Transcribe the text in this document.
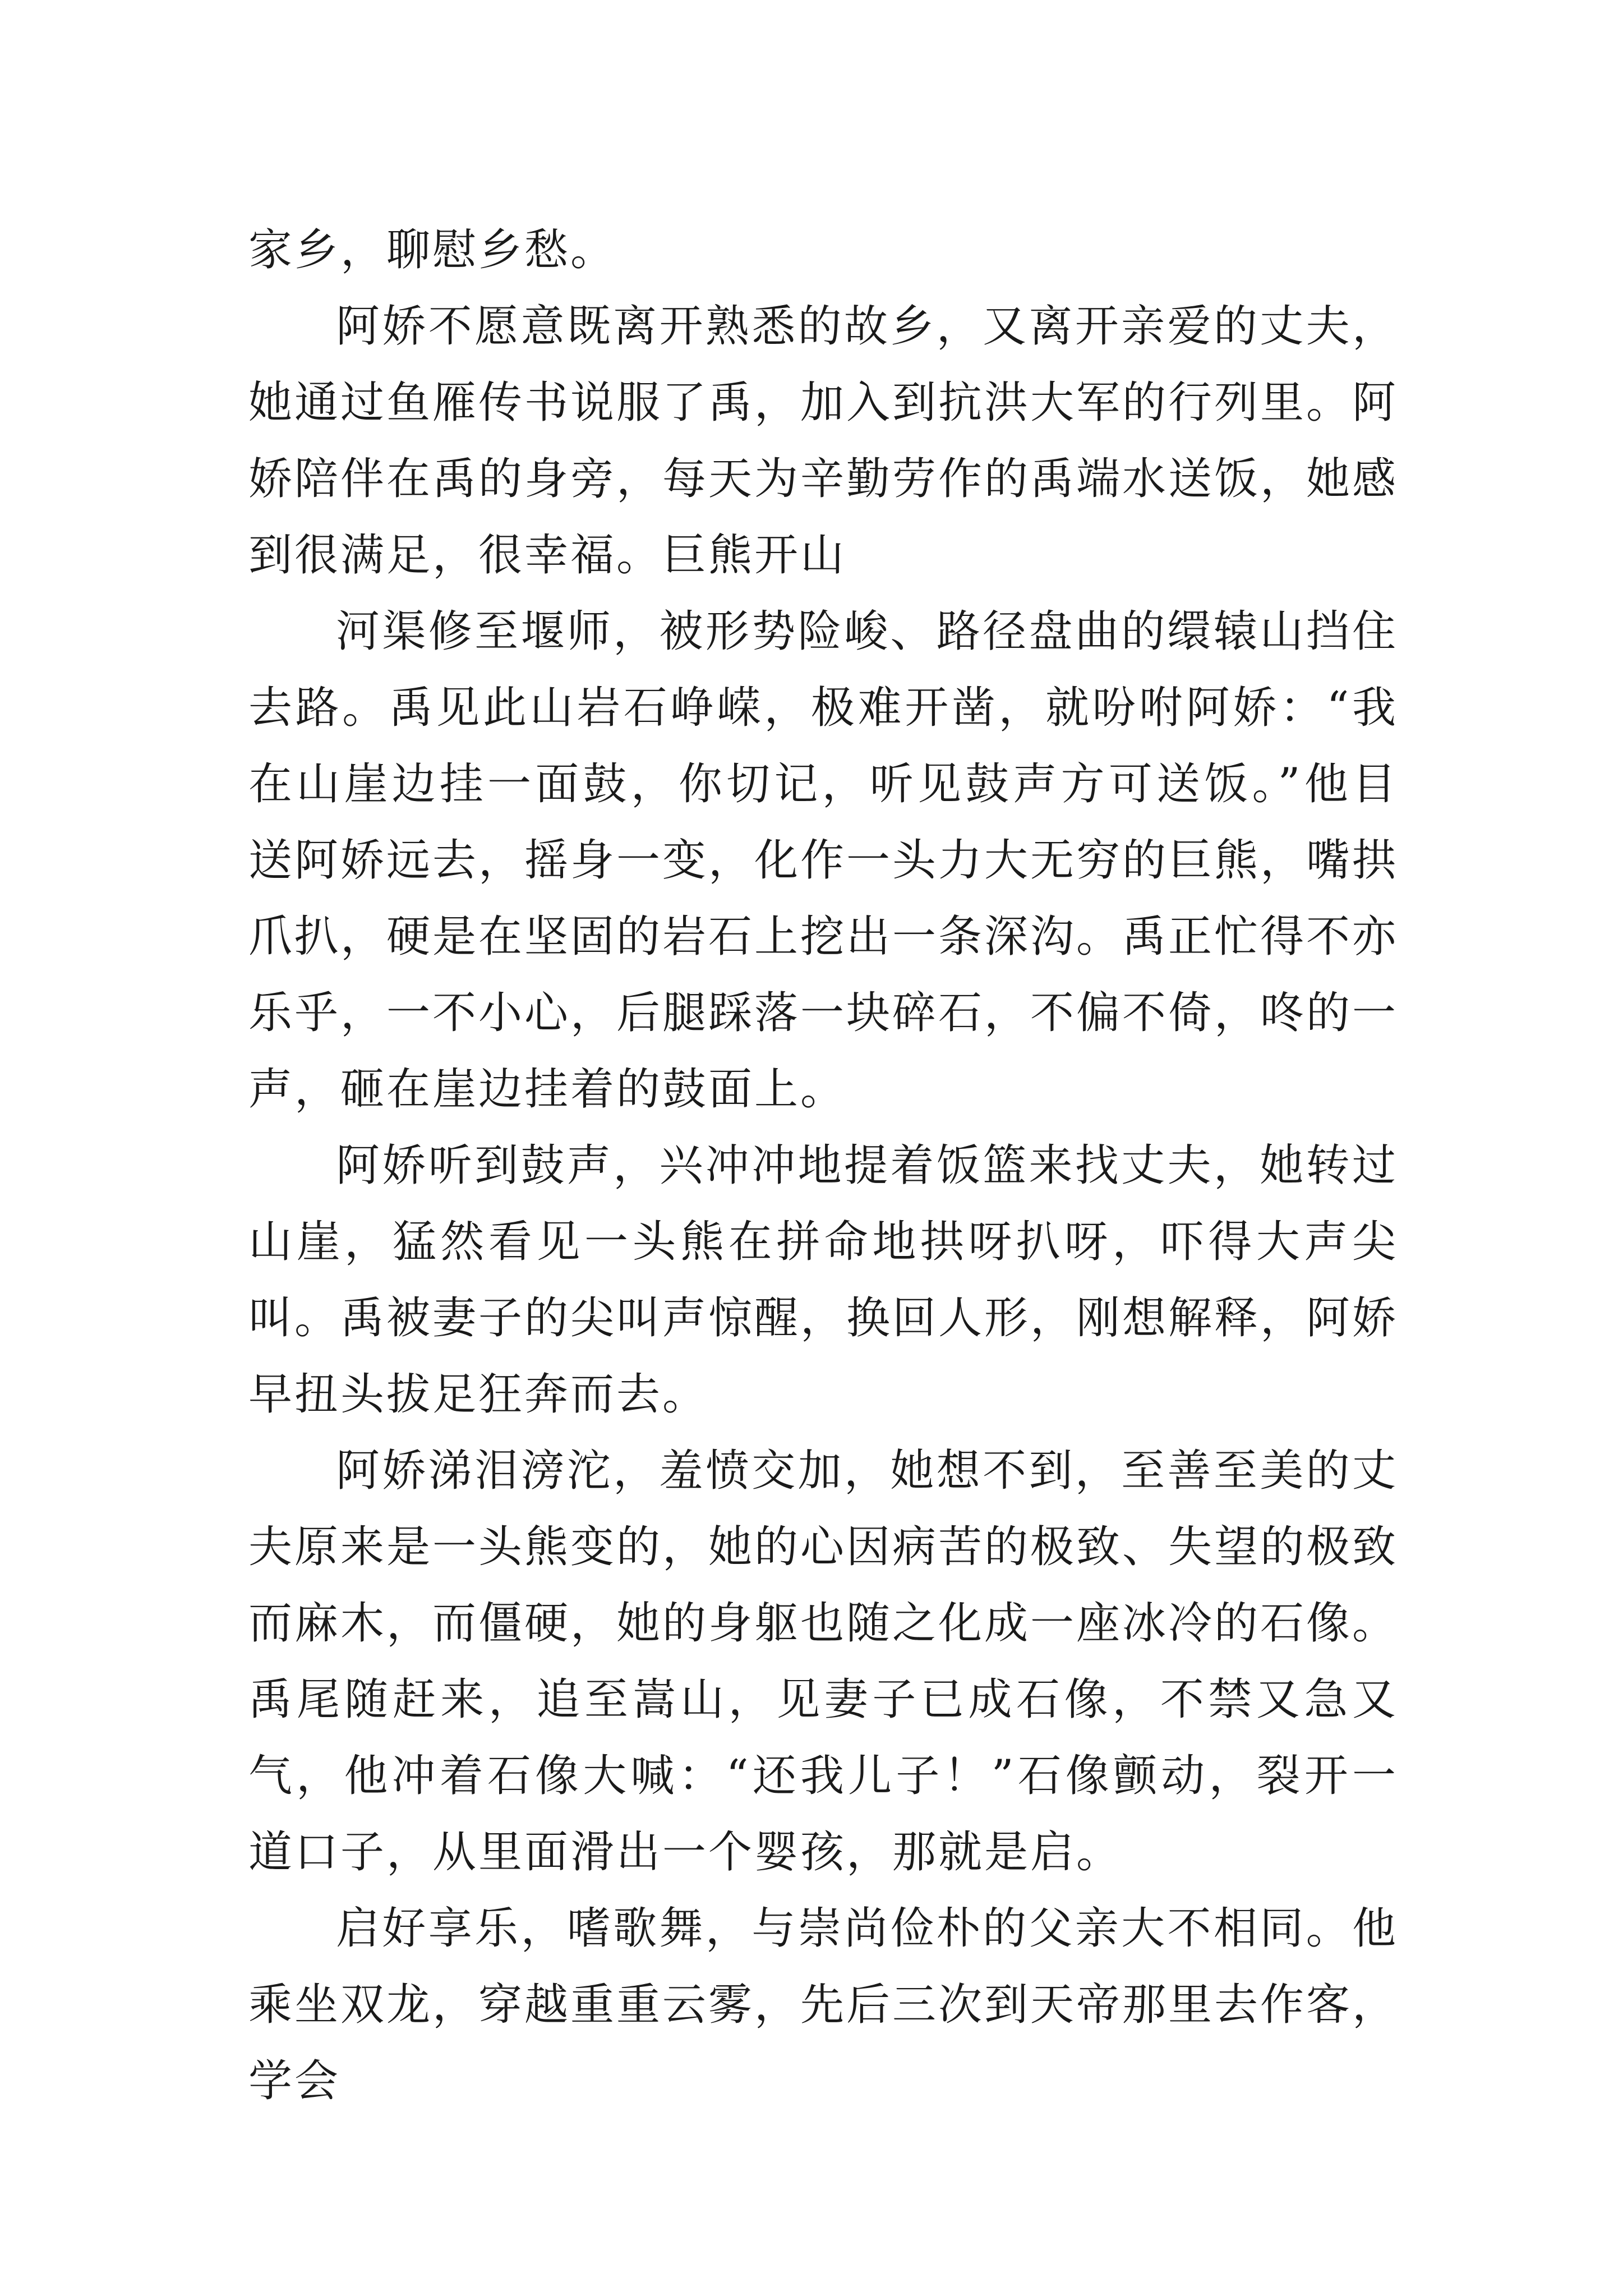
家乡，聊慰乡愁。

阿娇不愿意既离开熟悉的故乡，又离开亲爱的丈夫，她通过鱼雁传书说服了禹，加入到抗洪大军的行列里。阿娇陪伴在禹的身旁，每天为辛勤劳作的禹端水送饭，她感到很满足，很幸福。巨熊开山

河渠修至堰师，被形势险峻、路径盘曲的缳辕山挡住去路。禹见此山岩石峥嵘，极难开凿，就吩咐阿娇：“我在山崖边挂一面鼓，你切记，听见鼓声方可送饭。”他目送阿娇远去，摇身一变，化作一头力大无穷的巨熊，嘴拱爪扒，硬是在坚固的岩石上挖出一条深沟。禹正忙得不亦乐乎，一不小心，后腿踩落一块碎石，不偏不倚，咚的一声，砸在崖边挂着的鼓面上。

阿娇听到鼓声，兴冲冲地提着饭篮来找丈夫，她转过山崖，猛然看见一头熊在拼命地拱呀扒呀，吓得大声尖叫。禹被妻子的尖叫声惊醒，换回人形，刚想解释，阿娇早扭头拔足狂奔而去。

阿娇涕泪滂沱，羞愤交加，她想不到，至善至美的丈夫原来是一头熊变的，她的心因病苦的极致、失望的极致而麻木，而僵硬，她的身躯也随之化成一座冰冷的石像。 禹尾随赶来，追至嵩山，见妻子已成石像，不禁又急又气，他冲着石像大喊：“还我儿子！”石像颤动，裂开一道口子，从里面滑出一个婴孩，那就是启。

启好享乐，嗜歌舞，与崇尚俭朴的父亲大不相同。他乘坐双龙，穿越重重云雾，先后三次到天帝那里去作客，学会
